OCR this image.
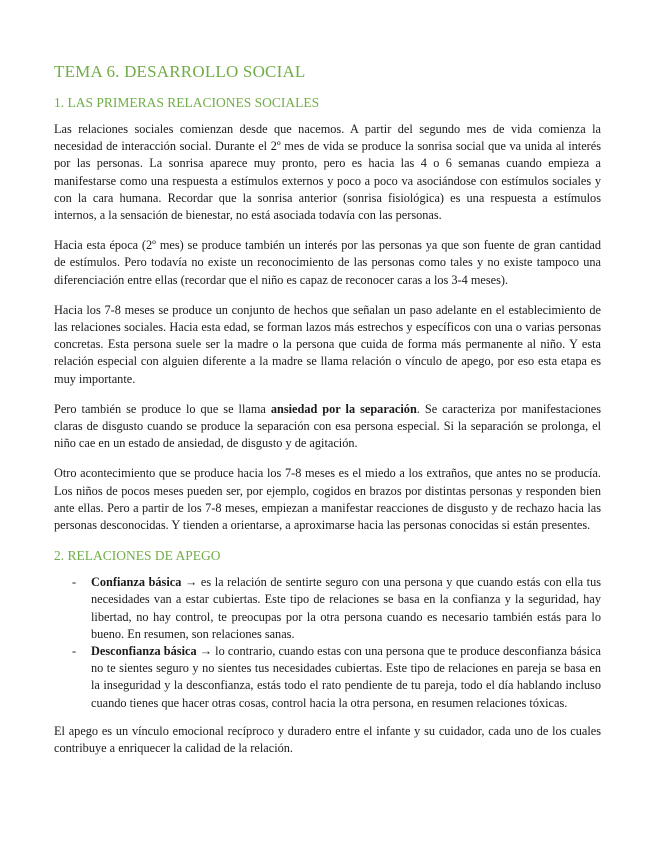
TEMA 6. DESARROLLO SOCIAL
1. LAS PRIMERAS RELACIONES SOCIALES

Las relaciones sociales comienzan desde que nacemos. A partir del segundo mes de vida comienza la necesidad de interacción social. Durante el 2º mes de vida se produce la sonrisa social que va unida al interés por las personas. La sonrisa aparece muy pronto, pero es hacia las 4 o 6 semanas cuando empieza a manifestarse como una respuesta a estímulos externos y poco a poco va asociándose con estímulos sociales y con la cara humana. Recordar que la sonrisa anterior (sonrisa fisiológica) es una respuesta a estímulos internos, a la sensación de bienestar, no está asociada todavía con las personas.

Hacia esta época (2º mes) se produce también un interés por las personas ya que son fuente de gran cantidad de estímulos. Pero todavía no existe un reconocimiento de las personas como tales y no existe tampoco una diferenciación entre ellas (recordar que el niño es capaz de reconocer caras a los 3-4 meses).

Hacia los 7-8 meses se produce un conjunto de hechos que señalan un paso adelante en el establecimiento de las relaciones sociales. Hacia esta edad, se forman lazos más estrechos y específicos con una o varias personas concretas. Esta persona suele ser la madre o la persona que cuida de forma más permanente al niño. Y esta relación especial con alguien diferente a la madre se llama relación o vínculo de apego, por eso esta etapa es muy importante.

Pero también se produce lo que se llama ansiedad por la separación. Se caracteriza por manifestaciones claras de disgusto cuando se produce la separación con esa persona especial. Si la separación se prolonga, el niño cae en un estado de ansiedad, de disgusto y de agitación.

Otro acontecimiento que se produce hacia los 7-8 meses es el miedo a los extraños, que antes no se producía. Los niños de pocos meses pueden ser, por ejemplo, cogidos en brazos por distintas personas y responden bien ante ellas. Pero a partir de los 7-8 meses, empiezan a manifestar reacciones de disgusto y de rechazo hacia las personas desconocidas. Y tienden a orientarse, a aproximarse hacia las personas conocidas si están presentes.

2. RELACIONES DE APEGO
- Confianza básica → es la relación de sentirte seguro con una persona y que cuando estás con ella tus necesidades van a estar cubiertas. Este tipo de relaciones se basa en la confianza y la seguridad, hay libertad, no hay control, te preocupas por la otra persona cuando es necesario también estás para lo bueno. En resumen, son relaciones sanas.
- Desconfianza básica → lo contrario, cuando estas con una persona que te produce desconfianza básica no te sientes seguro y no sientes tus necesidades cubiertas. Este tipo de relaciones en pareja se basa en la inseguridad y la desconfianza, estás todo el rato pendiente de tu pareja, todo el día hablando incluso cuando tienes que hacer otras cosas, control hacia la otra persona, en resumen relaciones tóxicas.

El apego es un vínculo emocional recíproco y duradero entre el infante y su cuidador, cada uno de los cuales contribuye a enriquecer la calidad de la relación.
